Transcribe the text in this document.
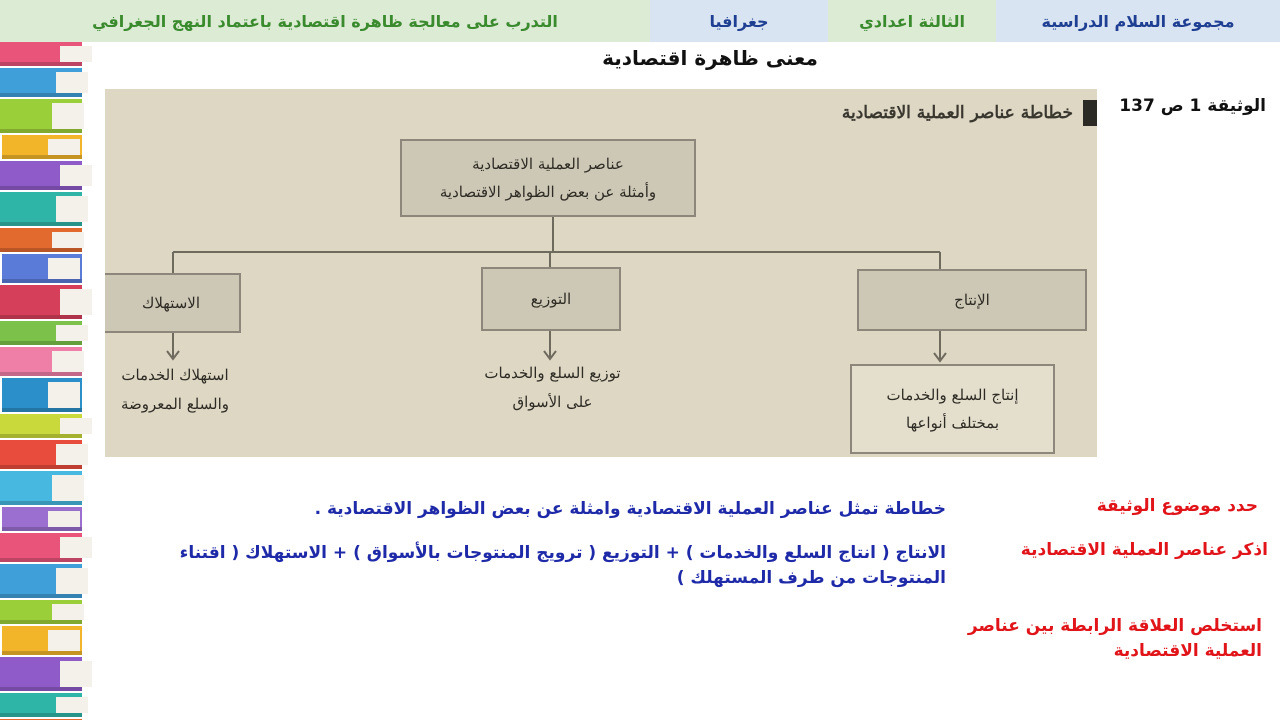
التدرب على معالجة ظاهرة اقتصادية باعتماد النهج الجغرافي	جغرافيا	الثالثة اعدادي	مجموعة السلام الدراسية
معنى ظاهرة اقتصادية
الوثيقة 1 ص 137
خطاطة عناصر العملية الاقتصادية
عناصر العملية الاقتصادية
وأمثلة عن بعض الظواهر الاقتصادية
الإنتاج
التوزيع
الاستهلاك
إنتاج السلع والخدمات
بمختلف أنواعها
توزيع السلع والخدمات
على الأسواق
استهلاك الخدمات
والسلع المعروضة
حدد موضوع الوثيقة
خطاطة تمثل عناصر العملية الاقتصادية وامثلة عن بعض الظواهر الاقتصادية .
اذكر عناصر العملية الاقتصادية
الانتاج ( انتاج السلع والخدمات ) + التوزيع ( ترويج المنتوجات بالأسواق ) + الاستهلاك ( اقتناء المنتوجات من طرف المستهلك )
استخلص العلاقة الرابطة بين عناصر العملية الاقتصادية
